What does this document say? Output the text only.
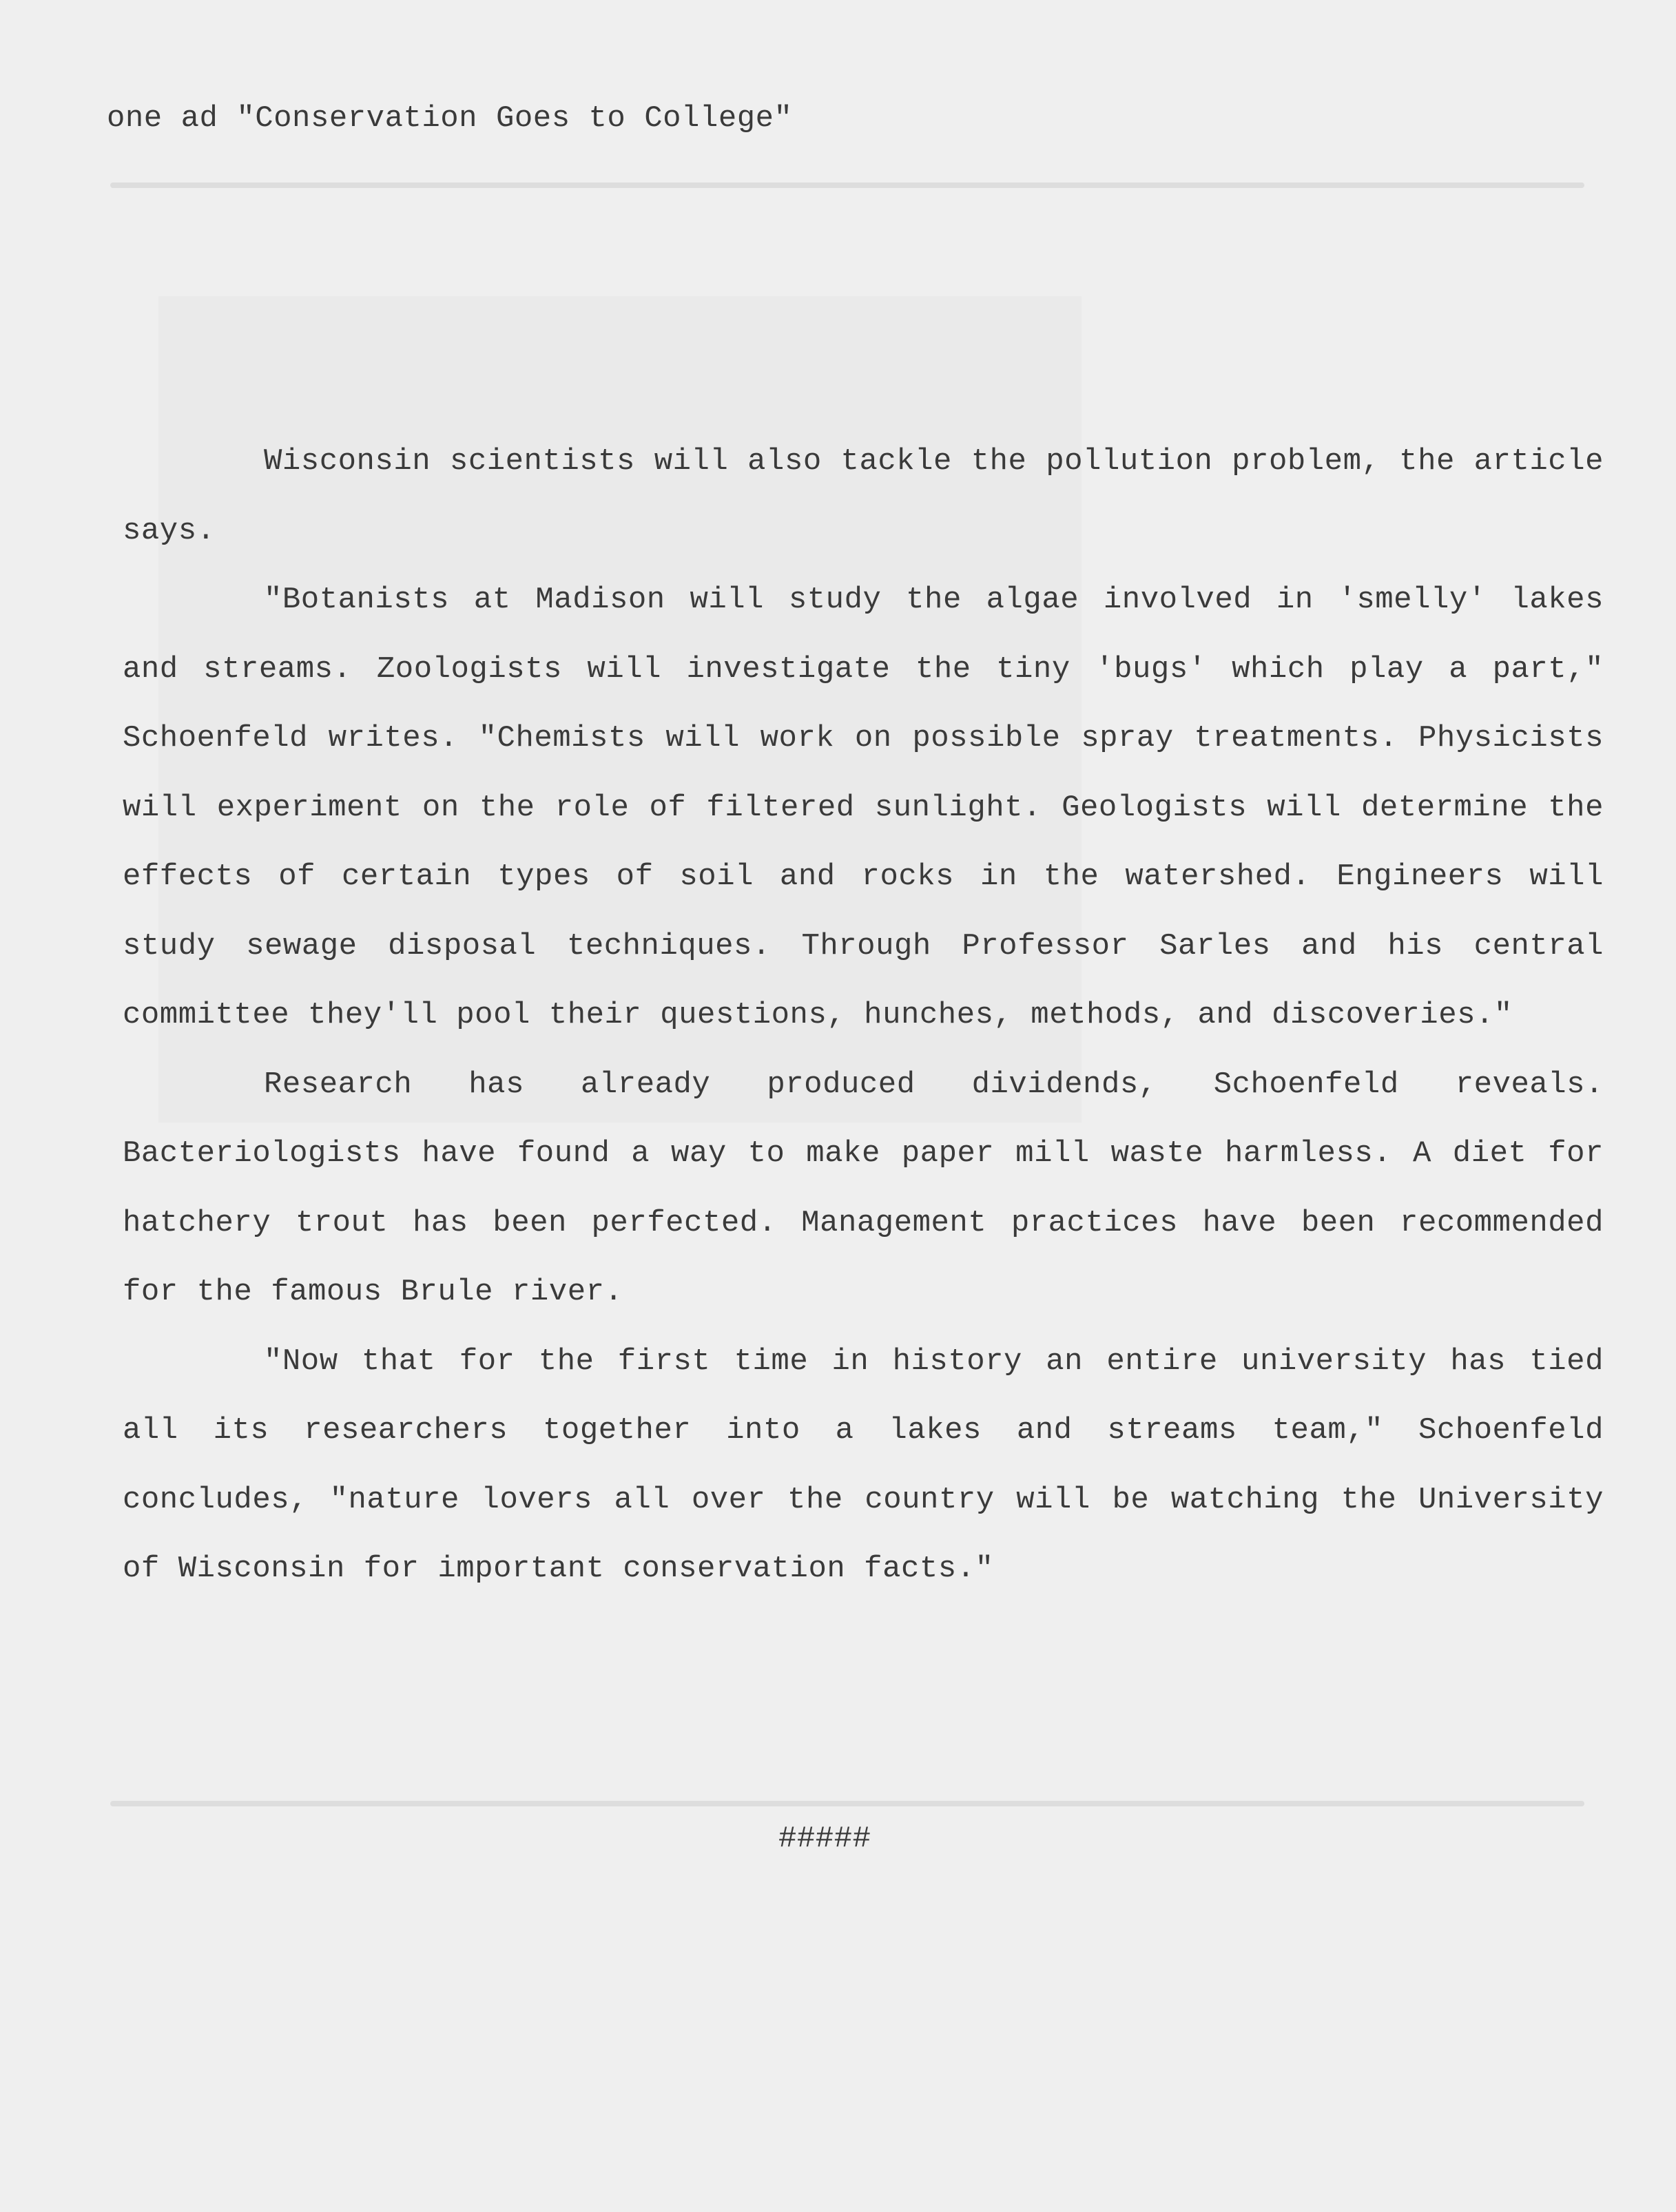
one ad "Conservation Goes to College"

Wisconsin scientists will also tackle the pollution problem, the article says.

"Botanists at Madison will study the algae involved in 'smelly' lakes and streams. Zoologists will investigate the tiny 'bugs' which play a part," Schoenfeld writes. "Chemists will work on possible spray treatments. Physicists will experiment on the role of filtered sunlight. Geologists will determine the effects of certain types of soil and rocks in the watershed. Engineers will study sewage disposal techniques. Through Professor Sarles and his central committee they'll pool their questions, hunches, methods, and discoveries."

Research has already produced dividends, Schoenfeld reveals. Bacteriologists have found a way to make paper mill waste harmless. A diet for hatchery trout has been perfected. Management practices have been recommended for the famous Brule river.

"Now that for the first time in history an entire university has tied all its researchers together into a lakes and streams team," Schoenfeld concludes, "nature lovers all over the country will be watching the University of Wisconsin for important conservation facts."

#####
